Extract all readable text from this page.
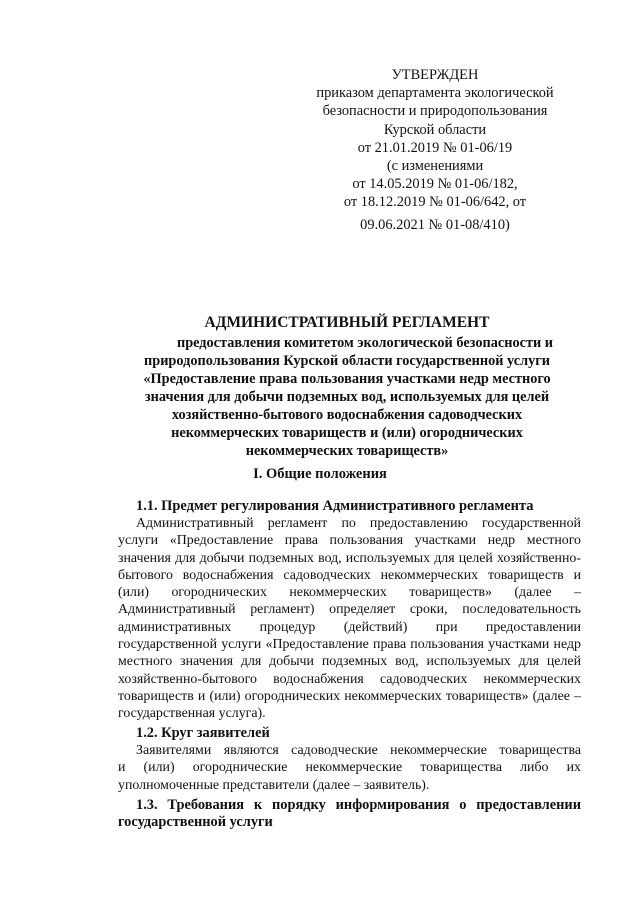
УТВЕРЖДЕН
приказом департамента экологической
безопасности и природопользования
Курской области
от 21.01.2019 № 01-06/19
(с изменениями
от 14.05.2019 № 01-06/182,
от 18.12.2019 № 01-06/642, от
09.06.2021 № 01-08/410)
АДМИНИСТРАТИВНЫЙ РЕГЛАМЕНТ
предоставления комитетом экологической безопасности и
природопользования Курской области государственной услуги
«Предоставление права пользования участками недр местного
значения для добычи подземных вод, используемых для целей
хозяйственно-бытового водоснабжения садоводческих
некоммерческих товариществ и (или) огороднических
некоммерческих товариществ»
I. Общие положения
1.1. Предмет регулирования Административного регламента
Административный регламент по предоставлению государственной
услуги «Предоставление права пользования участками недр местного
значения для добычи подземных вод, используемых для целей хозяйственно-
бытового водоснабжения садоводческих некоммерческих товариществ и
(или) огороднических некоммерческих товариществ» (далее –
Административный регламент) определяет сроки, последовательность
административных процедур (действий) при предоставлении
государственной услуги «Предоставление права пользования участками недр
местного значения для добычи подземных вод, используемых для целей
хозяйственно-бытового водоснабжения садоводческих некоммерческих
товариществ и (или) огороднических некоммерческих товариществ» (далее –
государственная услуга).
1.2. Круг заявителей
Заявителями являются садоводческие некоммерческие товарищества
и (или) огороднические некоммерческие товарищества либо их
уполномоченные представители (далее – заявитель).
1.3. Требования к порядку информирования о предоставлении
государственной услуги
